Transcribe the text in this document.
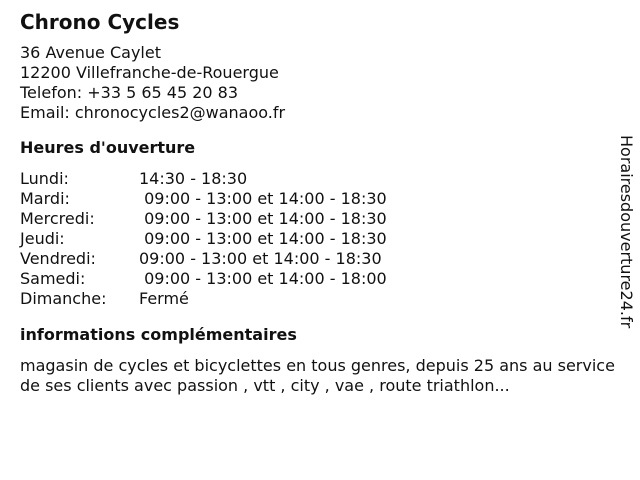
Chrono Cycles
36 Avenue Caylet
12200 Villefranche-de-Rouergue
Telefon: +33 5 65 45 20 83
Email: chronocycles2@wanaoo.fr
Heures d'ouverture
Lundi:	14:30 - 18:30
Mardi:	09:00 - 13:00 et 14:00 - 18:30
Mercredi:	09:00 - 13:00 et 14:00 - 18:30
Jeudi:	09:00 - 13:00 et 14:00 - 18:30
Vendredi:	09:00 - 13:00 et 14:00 - 18:30
Samedi:	09:00 - 13:00 et 14:00 - 18:00
Dimanche:	Fermé
informations complémentaires
magasin de cycles et bicyclettes en tous genres, depuis 25 ans au service de ses clients avec passion , vtt , city , vae , route triathlon...
Horairesdouverture24.fr
